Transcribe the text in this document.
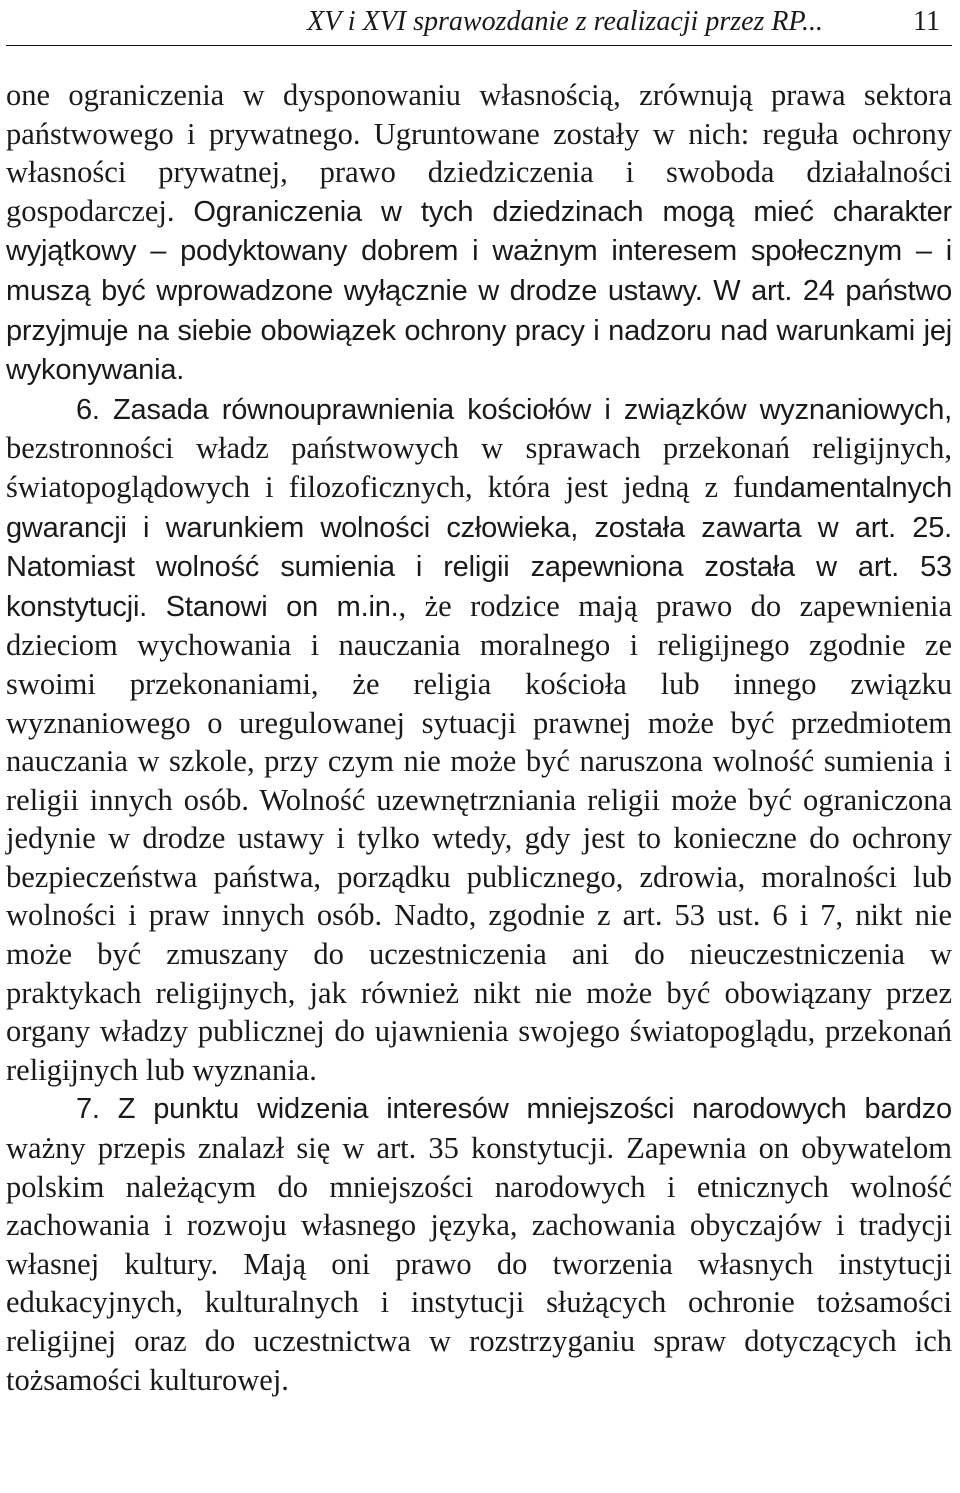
XV i XVI sprawozdanie z realizacji przez RP...	11

one ograniczenia w dysponowaniu własnością, zrównują prawa sektora państwowego i prywatnego. Ugruntowane zostały w nich: reguła ochrony własności prywatnej, prawo dziedziczenia i swoboda działalności gospodarczej. Ograniczenia w tych dziedzinach mogą mieć charakter wyjątkowy – podyktowany dobrem i ważnym interesem społecznym – i muszą być wprowadzone wyłącznie w drodze ustawy. W art. 24 państwo przyjmuje na siebie obowiązek ochrony pracy i nadzoru nad warunkami jej wykonywania.

6. Zasada równouprawnienia kościołów i związków wyznaniowych, bezstronności władz państwowych w sprawach przekonań religijnych, światopoglądowych i filozoficznych, która jest jedną z fundamentalnych gwarancji i warunkiem wolności człowieka, została zawarta w art. 25. Natomiast wolność sumienia i religii zapewniona została w art. 53 konstytucji. Stanowi on m.in., że rodzice mają prawo do zapewnienia dzieciom wychowania i nauczania moralnego i religijnego zgodnie ze swoimi przekonaniami, że religia kościoła lub innego związku wyznaniowego o uregulowanej sytuacji prawnej może być przedmiotem nauczania w szkole, przy czym nie może być naruszona wolność sumienia i religii innych osób. Wolność uzewnętrzniania religii może być ograniczona jedynie w drodze ustawy i tylko wtedy, gdy jest to konieczne do ochrony bezpieczeństwa państwa, porządku publicznego, zdrowia, moralności lub wolności i praw innych osób. Nadto, zgodnie z art. 53 ust. 6 i 7, nikt nie może być zmuszany do uczestniczenia ani do nieuczestniczenia w praktykach religijnych, jak również nikt nie może być obowiązany przez organy władzy publicznej do ujawnienia swojego światopoglądu, przekonań religijnych lub wyznania.

7. Z punktu widzenia interesów mniejszości narodowych bardzo ważny przepis znalazł się w art. 35 konstytucji. Zapewnia on obywatelom polskim należącym do mniejszości narodowych i etnicznych wolność zachowania i rozwoju własnego języka, zachowania obyczajów i tradycji własnej kultury. Mają oni prawo do tworzenia własnych instytucji edukacyjnych, kulturalnych i instytucji służących ochronie tożsamości religijnej oraz do uczestnictwa w rozstrzyganiu spraw dotyczących ich tożsamości kulturowej.
